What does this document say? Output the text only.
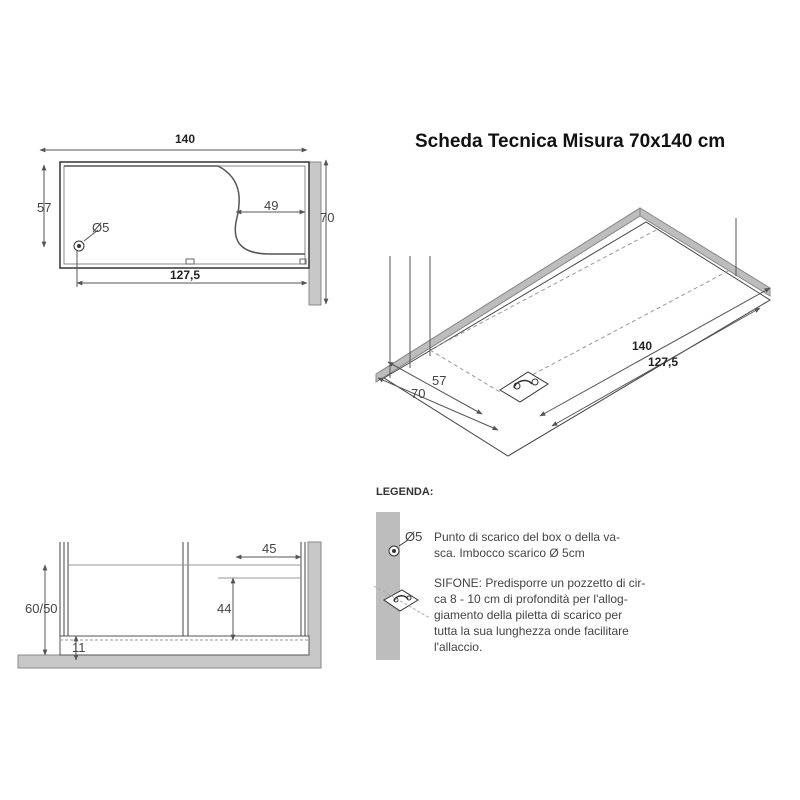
Scheda Tecnica Misura 70x140 cm
140
57
70
49
127,5
Ø5
140
127,5
57
70
60/50
11
44
45
LEGENDA:
Ø5 Punto di scarico del box o della va-
sca. Imbocco scarico Ø 5cm
SIFONE: Predisporre un pozzetto di cir-
ca 8 - 10 cm di profondità per l'allog-
giamento della piletta di scarico per
tutta la sua lunghezza onde facilitare
l'allaccio.
